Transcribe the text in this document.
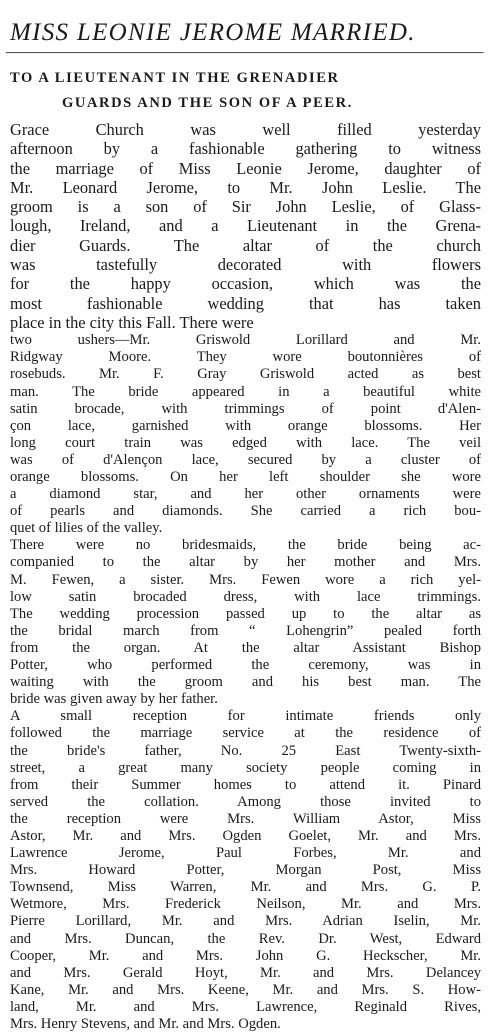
MISS LEONIE JEROME MARRIED.
TO A LIEUTENANT IN THE GRENADIER
GUARDS AND THE SON OF A PEER.
Grace Church was well filled yesterday
afternoon by a fashionable gathering to witness
the marriage of Miss Leonie Jerome, daughter of
Mr. Leonard Jerome, to Mr. John Leslie. The
groom is a son of Sir John Leslie, of Glass-
lough, Ireland, and a Lieutenant in the Grena-
dier Guards. The altar of the church
was tastefully decorated with flowers
for the happy occasion, which was the
most fashionable wedding that has taken
place in the city this Fall. There were
two ushers—Mr. Griswold Lorillard and Mr.
Ridgway Moore. They wore boutonnières of
rosebuds. Mr. F. Gray Griswold acted as best
man. The bride appeared in a beautiful white
satin brocade, with trimmings of point d'Alen-
çon lace, garnished with orange blossoms. Her
long court train was edged with lace. The veil
was of d'Alençon lace, secured by a cluster of
orange blossoms. On her left shoulder she wore
a diamond star, and her other ornaments were
of pearls and diamonds. She carried a rich bou-
quet of lilies of the valley.
There were no bridesmaids, the bride being ac-
companied to the altar by her mother and Mrs.
M. Fewen, a sister. Mrs. Fewen wore a rich yel-
low satin brocaded dress, with lace trimmings.
The wedding procession passed up to the altar as
the bridal march from “ Lohengrin” pealed forth
from the organ. At the altar Assistant Bishop
Potter, who performed the ceremony, was in
waiting with the groom and his best man. The
bride was given away by her father.
A small reception for intimate friends only
followed the marriage service at the residence of
the bride's father, No. 25 East Twenty-sixth-
street, a great many society people coming in
from their Summer homes to attend it. Pinard
served the collation. Among those invited to
the reception were Mrs. William Astor, Miss
Astor, Mr. and Mrs. Ogden Goelet, Mr. and Mrs.
Lawrence Jerome, Paul Forbes, Mr. and
Mrs. Howard Potter, Morgan Post, Miss
Townsend, Miss Warren, Mr. and Mrs. G. P.
Wetmore, Mrs. Frederick Neilson, Mr. and Mrs.
Pierre Lorillard, Mr. and Mrs. Adrian Iselin, Mr.
and Mrs. Duncan, the Rev. Dr. West, Edward
Cooper, Mr. and Mrs. John G. Heckscher, Mr.
and Mrs. Gerald Hoyt, Mr. and Mrs. Delancey
Kane, Mr. and Mrs. Keene, Mr. and Mrs. S. How-
land, Mr. and Mrs. Lawrence, Reginald Rives,
Mrs. Henry Stevens, and Mr. and Mrs. Ogden.
